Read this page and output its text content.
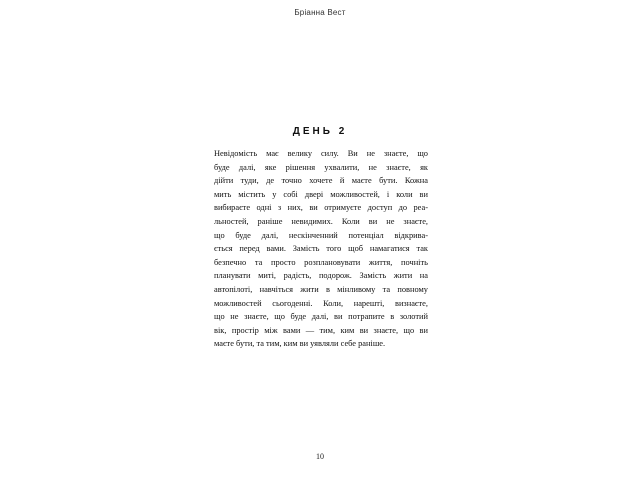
Брiанна Вест
ДЕНЬ 2

Невідомість має велику силу. Ви не знаєте, що
буде далі, яке рішення ухвалити, не знаєте, як
дійти туди, де точно хочете й маєте бути. Кожна
мить містить у собі двері можливостей, і коли ви
вибираєте одні з них, ви отримуєте доступ до реа-
льностей, раніше невидимих. Коли ви не знаєте,
що буде далі, нескінченний потенціал відкрива-
ється перед вами. Замість того щоб намагатися так
безпечно та просто розплановувати життя, почніть
планувати миті, радість, подорож. Замість жити на
автопілоті, навчіться жити в мінливому та повному
можливостей сьогоденні. Коли, нарешті, визнаєте,
що не знаєте, що буде далі, ви потрапите в золотий
вік, простір між вами — тим, ким ви знаєте, що ви
маєте бути, та тим, ким ви уявляли себе раніше.

10
